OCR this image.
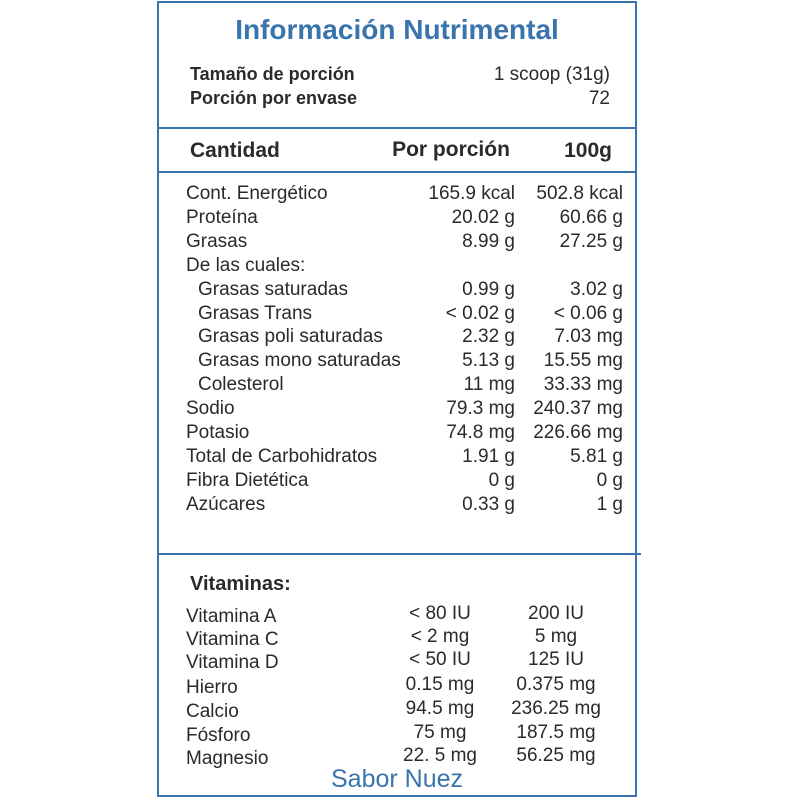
Información Nutrimental
Tamaño de porción	1 scoop (31g)
Porción por envase	72
Cantidad	Por porción	100g
Cont. Energético	165.9 kcal 502.8 kcal
Proteína	20.02 g 60.66 g
Grasas	8.99 g 27.25 g
De las cuales:
Grasas saturadas	0.99 g	3.02 g
Grasas Trans	< 0.02 g < 0.06 g
Grasas poli saturadas	2.32 g 7.03 mg
Grasas mono saturadas	5.13 g 15.55 mg
Colesterol	11 mg 33.33 mg
Sodio	79.3 mg 240.37 mg
Potasio	74.8 mg 226.66 mg
Total de Carbohidratos	1.91 g	5.81 g
Fibra Dietética	0 g	0 g
Azúcares	0.33 g	1 g
Vitaminas:
Vitamina A	< 80 IU	200 IU
Vitamina C	< 2 mg	5 mg
Vitamina D	< 50 IU	125 IU
Hierro	0.15 mg	0.375 mg
Calcio	94.5 mg	236.25 mg
Fósforo	75 mg	187.5 mg
Magnesio	22. 5 mg	56.25 mg
Sabor Nuez
